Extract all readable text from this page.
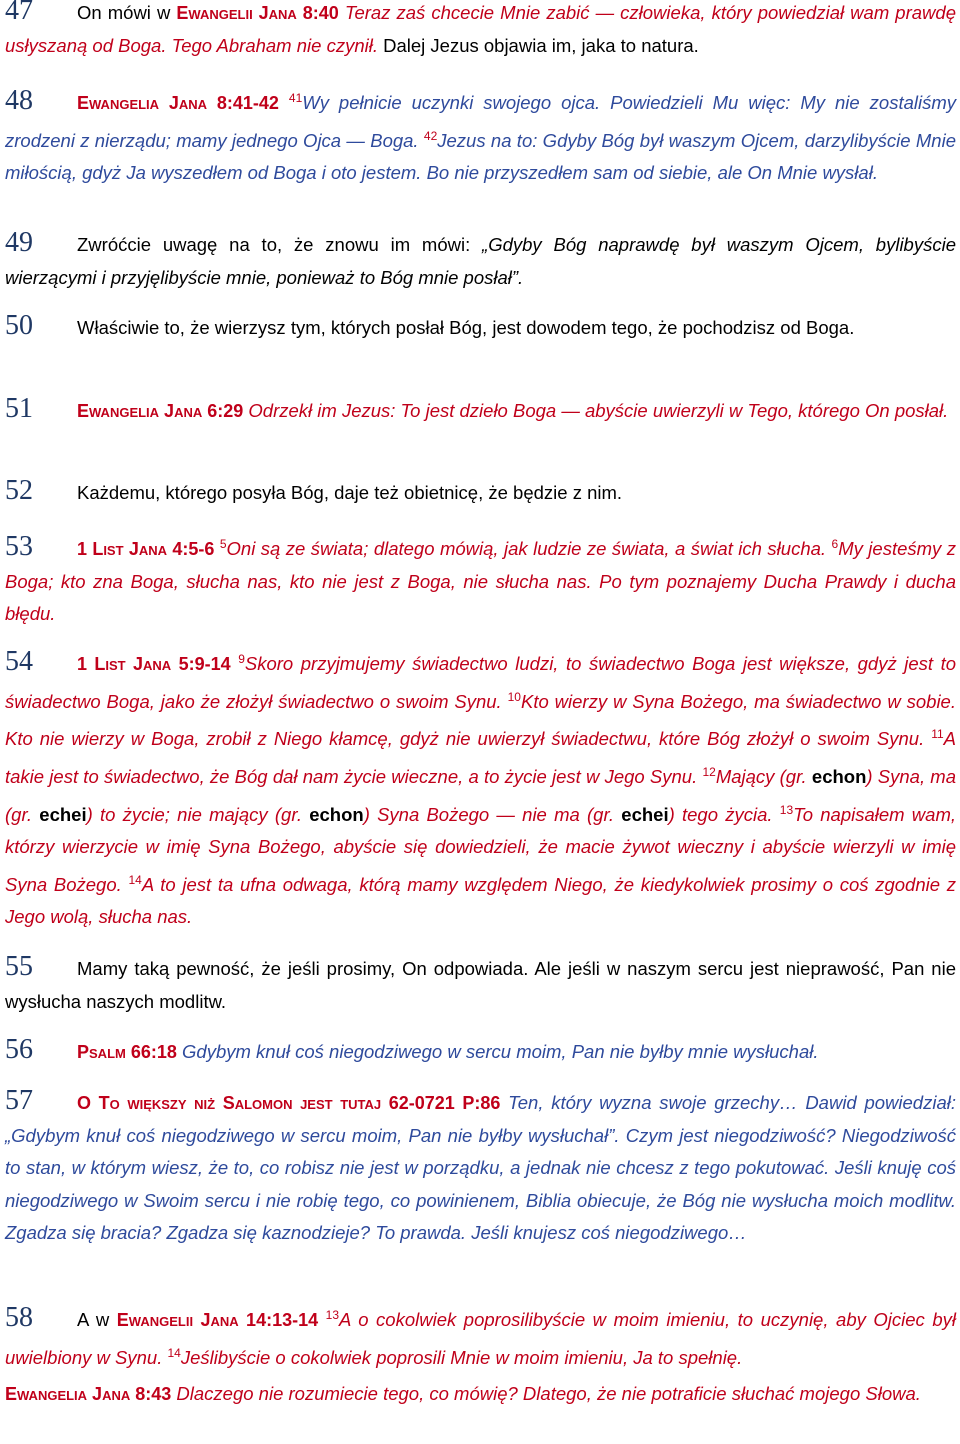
47 On mówi w Ewangelii Jana 8:40 Teraz zaś chcecie Mnie zabić — człowieka, który powiedział wam prawdę usłyszaną od Boga. Tego Abraham nie czynił. Dalej Jezus objawia im, jaka to natura.

48 Ewangelia Jana 8:41-42 $^{41}$Wy pełnicie uczynki swojego ojca. Powiedzieli Mu więc: My nie zostaliśmy zrodzeni z nierządu; mamy jednego Ojca — Boga. $^{42}$Jezus na to: Gdyby Bóg był waszym Ojcem, darzylibyście Mnie miłością, gdyż Ja wyszedłem od Boga i oto jestem. Bo nie przyszedłem sam od siebie, ale On Mnie wysłał.

49 Zwróćcie uwagę na to, że znowu im mówi: „Gdyby Bóg naprawdę był waszym Ojcem, bylibyście wierzącymi i przyjęlibyście mnie, ponieważ to Bóg mnie posłał”.

50 Właściwie to, że wierzysz tym, których posłał Bóg, jest dowodem tego, że pochodzisz od Boga.

51 Ewangelia Jana 6:29 Odrzekł im Jezus: To jest dzieło Boga — abyście uwierzyli w Tego, którego On posłał.

52 Każdemu, którego posyła Bóg, daje też obietnicę, że będzie z nim.

53 1 List Jana 4:5-6 $^5$Oni są ze świata; dlatego mówią, jak ludzie ze świata, a świat ich słucha. $^6$My jesteśmy z Boga; kto zna Boga, słucha nas, kto nie jest z Boga, nie słucha nas. Po tym poznajemy Ducha Prawdy i ducha błędu.

54 1 List Jana 5:9-14 $^9$Skoro przyjmujemy świadectwo ludzi, to świadectwo Boga jest większe, gdyż jest to świadectwo Boga, jako że złożył świadectwo o swoim Synu. $^{10}$Kto wierzy w Syna Bożego, ma świadectwo w sobie. Kto nie wierzy w Boga, zrobił z Niego kłamcę, gdyż nie uwierzył świadectwu, które Bóg złożył o swoim Synu. $^{11}$A takie jest to świadectwo, że Bóg dał nam życie wieczne, a to życie jest w Jego Synu. $^{12}$Mający (gr. echon) Syna, ma (gr. echei) to życie; nie mający (gr. echon) Syna Bożego — nie ma (gr. echei) tego życia. $^{13}$To napisałem wam, którzy wierzycie w imię Syna Bożego, abyście się dowiedzieli, że macie żywot wieczny i abyście wierzyli w imię Syna Bożego. $^{14}$A to jest ta ufna odwaga, którą mamy względem Niego, że kiedykolwiek prosimy o coś zgodnie z Jego wolą, słucha nas.

55 Mamy taką pewność, że jeśli prosimy, On odpowiada. Ale jeśli w naszym sercu jest nieprawość, Pan nie wysłucha naszych modlitw.

56 Psalm 66:18 Gdybym knuł coś niegodziwego w sercu moim, Pan nie byłby mnie wysłuchał.

57 O To większy niż Salomon jest tutaj 62-0721 P:86 Ten, który wyzna swoje grzechy… Dawid powiedział: „Gdybym knuł coś niegodziwego w sercu moim, Pan nie byłby wysłuchał”. Czym jest niegodziwość? Niegodziwość to stan, w którym wiesz, że to, co robisz nie jest w porządku, a jednak nie chcesz z tego pokutować. Jeśli knuję coś niegodziwego w Swoim sercu i nie robię tego, co powinienem, Biblia obiecuje, że Bóg nie wysłucha moich modlitw. Zgadza się bracia? Zgadza się kaznodzieje? To prawda. Jeśli knujesz coś niegodziwego…

58 A w Ewangelii Jana 14:13-14 $^{13}$A o cokolwiek poprosilibyście w moim imieniu, to uczynię, aby Ojciec był uwielbiony w Synu. $^{14}$Jeślibyście o cokolwiek poprosili Mnie w moim imieniu, Ja to spełnię.

Ewangelia Jana 8:43 Dlaczego nie rozumiecie tego, co mówię? Dlatego, że nie potraficie słuchać mojego Słowa.
